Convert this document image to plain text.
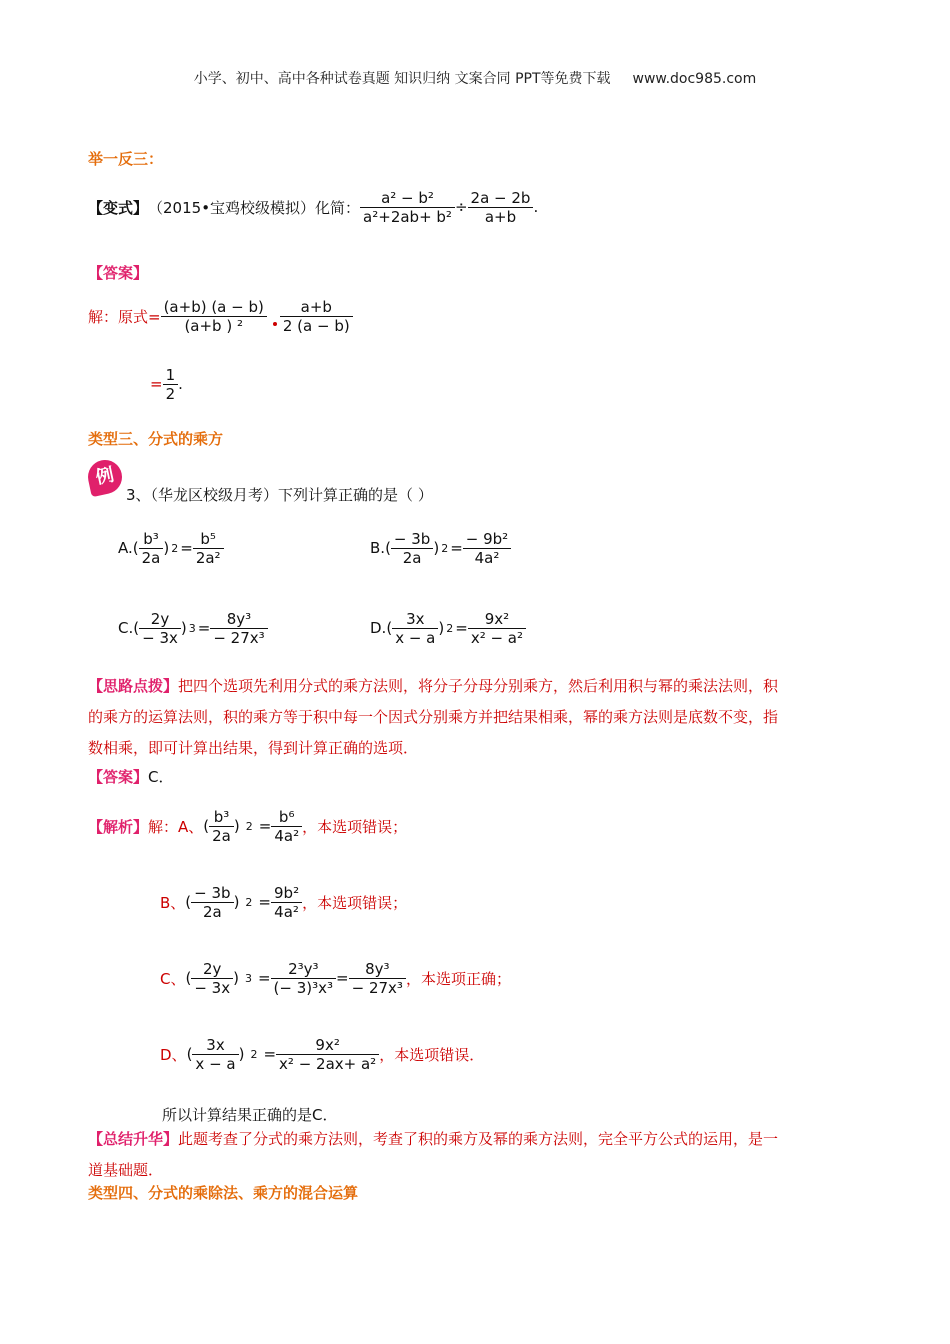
小学、初中、高中各种试卷真题 知识归纳 文案合同 PPT等免费下载 www.doc985.com
举一反三：
【变式】 （2015•宝鸡校级模拟）化简： $\frac{\text{a² − b²}}{\text{a²+2ab+ b²}} \div \frac{2a - 2b}{a+b}$ .
【答案】
解：原式= $\frac{(a+b) (a - b)}{\text{(a+b ) ²}} \frac{a+b}{2 (a - b)}$
= $\frac{1}{2}$ .
类型三、分式的乘方
例
3、（华龙区校级月考）下列计算正确的是（ ）
A. ( $\frac{\text{b³}}{2a}$ ) $2 = \frac{\text{b⁵}}{\text{2a²}}$	B. ( $\frac{- 3b}{2a}$ ) $2 = \frac{\text{− 9b²}}{\text{4a²}}$
C. ( $\frac{2y}{- 3x}$ ) $3 = \frac{\text{8y³}}{\text{− 27x³}}$	D. ( $\frac{3x}{x - a}$ ) $2 = \frac{\text{9x²}}{\text{x² − a²}}$
【思路点拨】把四个选项先利用分式的乘方法则，将分子分母分别乘方，然后利用积与幂的乘法法则，积
的乘方的运算法则，积的乘方等于积中每一个因式分别乘方并把结果相乘，幂的乘方法则是底数不变，指
数相乘，即可计算出结果，得到计算正确的选项．
【答案】C．
【解析】 解：A、 ( $\frac{\text{b³}}{2a}$ ) $2 = \frac{\text{b⁶}}{\text{4a²}}$ ，本选项错误；
B、 ( $\frac{- 3b}{2a}$ ) $2 = \frac{\text{9b²}}{\text{4a²}}$ ，本选项错误；
C、 ( $\frac{2y}{- 3x}$ ) $3 = \frac{\text{2³y³}}{\text{(− 3)³x³}} = \frac{\text{8y³}}{\text{− 27x³}}$ ，本选项正确；
D、 ( $\frac{3x}{x - a}$ ) $2 = \frac{\text{9x²}}{\text{x² − 2ax+ a²}}$ ，本选项错误．
所以计算结果正确的是C．
【总结升华】此题考查了分式的乘方法则，考查了积的乘方及幂的乘方法则，完全平方公式的运用，是一
道基础题．
类型四、分式的乘除法、乘方的混合运算
